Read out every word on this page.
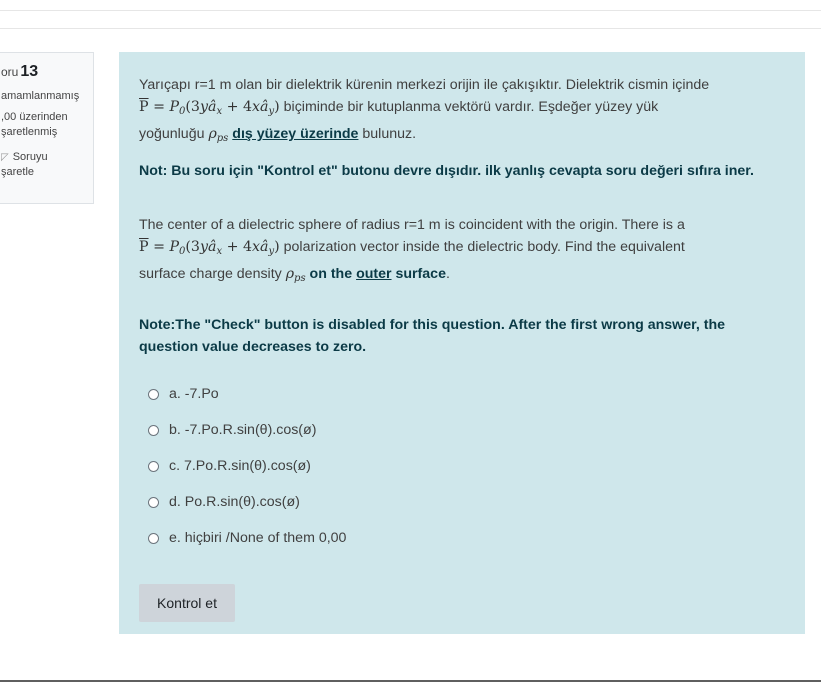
oru 13
amamlanmamış
,00 üzerinden
şaretlenmiş
◸ Soruyu
şaretle

Yarıçapı r=1 m olan bir dielektrik kürenin merkezi orijin ile çakışıktır. Dielektrik cismin içinde
$\overline{P}$ = $P_0(3yâ_x$ + $4xâ_y$) biçiminde bir kutuplanma vektörü vardır. Eşdeğer yüzey yük
yoğunluğu $\rho_{ps}$ dış yüzey üzerinde bulunuz.

Not: Bu soru için "Kontrol et" butonu devre dışıdır. ilk yanlış cevapta soru değeri sıfıra iner.

The center of a dielectric sphere of radius r=1 m is coincident with the origin. There is a
$\overline{P}$ = $P_0(3yâ_x$ + $4xâ_y$) polarization vector inside the dielectric body. Find the equivalent
surface charge density $\rho_{ps}$ on the outer surface.

Note:The "Check" button is disabled for this question. After the first wrong answer, the question value decreases to zero.

a. -7.Po
b. -7.Po.R.sin(θ).cos(ø)
c. 7.Po.R.sin(θ).cos(ø)
d. Po.R.sin(θ).cos(ø)
e. hiçbiri /None of them 0,00
Kontrol et
